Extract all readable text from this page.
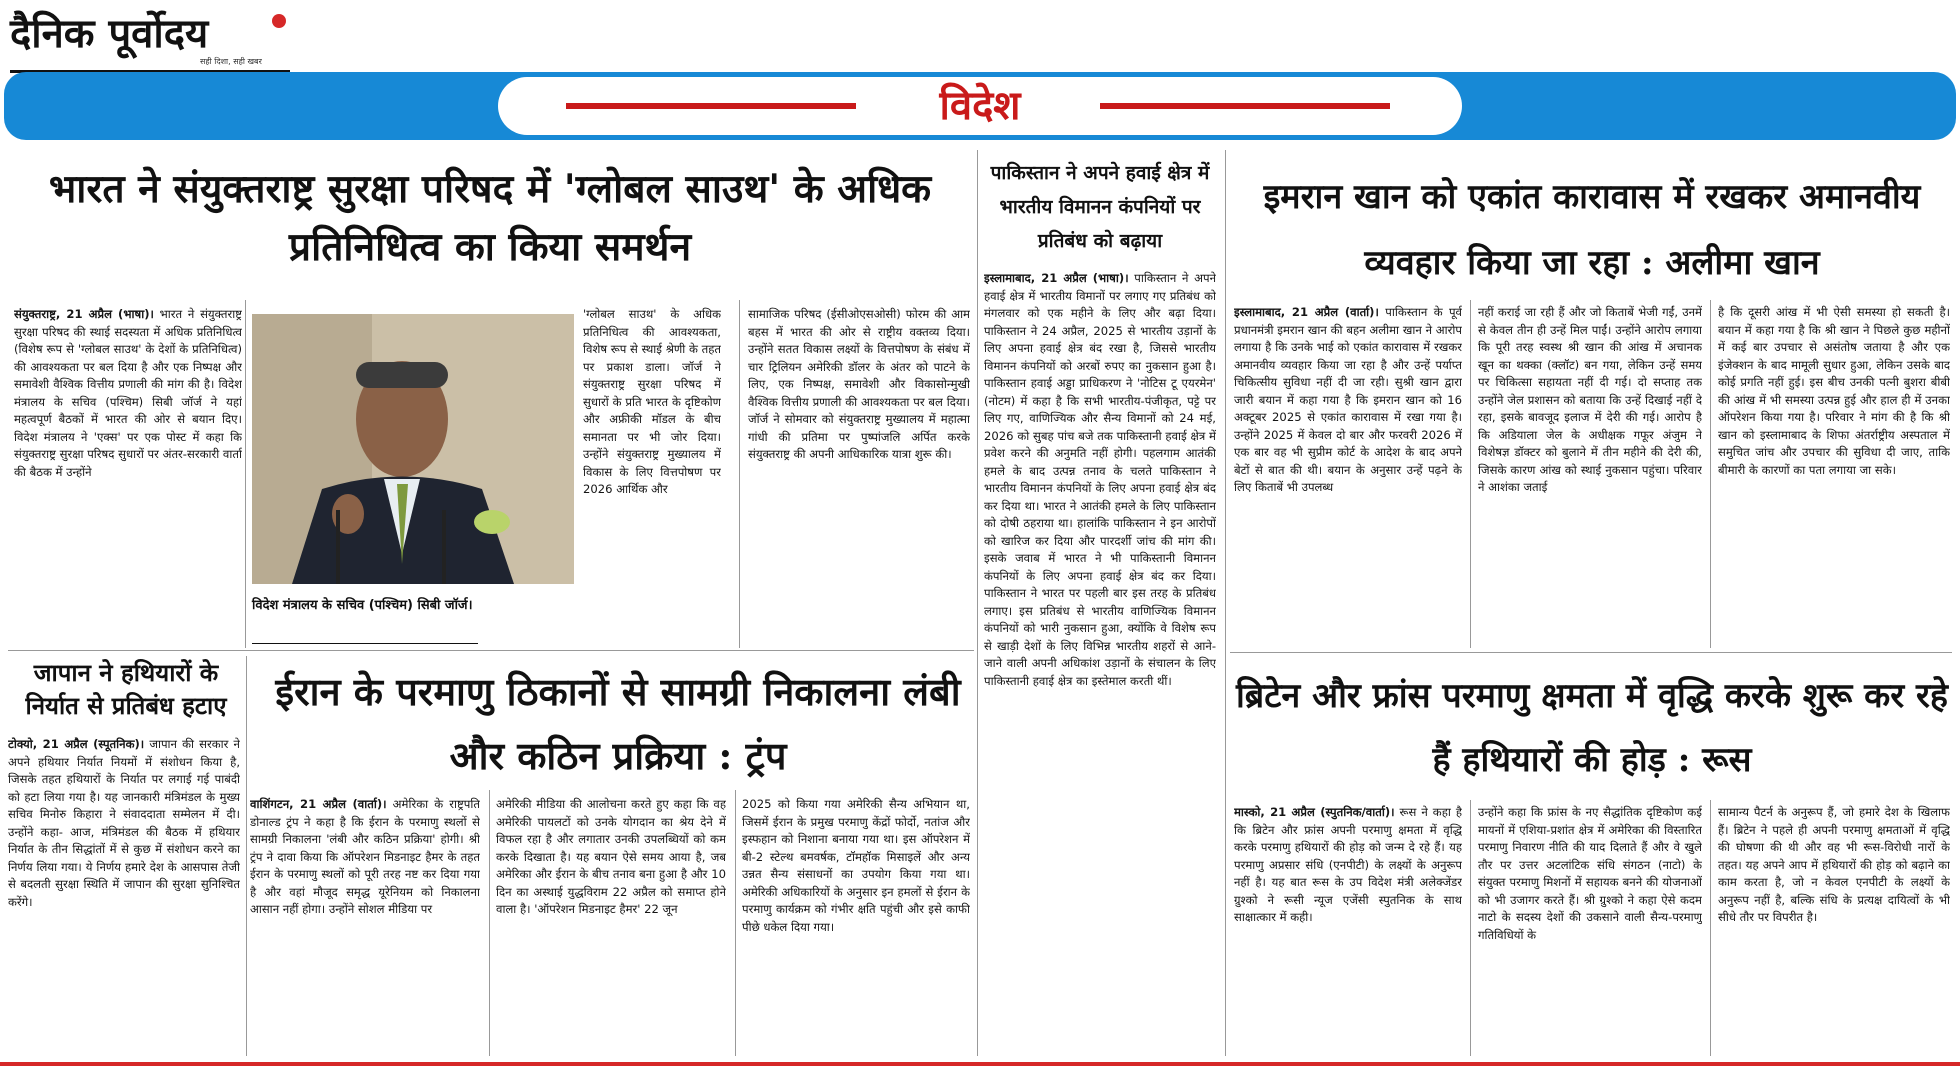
दैनिक पूर्वोदय
सही दिशा, सही खबर
विदेश
भारत ने संयुक्तराष्ट्र सुरक्षा परिषद में 'ग्लोबल साउथ' के अधिक प्रतिनिधित्व का किया समर्थन
संयुक्तराष्ट्र, 21 अप्रैल (भाषा)। भारत ने संयुक्तराष्ट्र सुरक्षा परिषद की स्थाई सदस्यता में अधिक प्रतिनिधित्व (विशेष रूप से 'ग्लोबल साउथ' के देशों के प्रतिनिधित्व) की आवश्यकता पर बल दिया है और एक निष्पक्ष और समावेशी वैश्विक वित्तीय प्रणाली की मांग की है। विदेश मंत्रालय के सचिव (पश्चिम) सिबी जॉर्ज ने यहां महत्वपूर्ण बैठकों में भारत की ओर से बयान दिए। विदेश मंत्रालय ने 'एक्स' पर एक पोस्ट में कहा कि संयुक्तराष्ट्र सुरक्षा परिषद सुधारों पर अंतर-सरकारी वार्ता की बैठक में उन्होंने
विदेश मंत्रालय के सचिव (पश्चिम) सिबी जॉर्ज।
'ग्लोबल साउथ' के अधिक प्रतिनिधित्व की आवश्यकता, विशेष रूप से स्थाई श्रेणी के तहत पर प्रकाश डाला। जॉर्ज ने संयुक्तराष्ट्र सुरक्षा परिषद में सुधारों के प्रति भारत के दृष्टिकोण और अफ्रीकी मॉडल के बीच समानता पर भी जोर दिया। उन्होंने संयुक्तराष्ट्र मुख्यालय में विकास के लिए वित्तपोषण पर 2026 आर्थिक और
सामाजिक परिषद (ईसीओएसओसी) फोरम की आम बहस में भारत की ओर से राष्ट्रीय वक्तव्य दिया। उन्होंने सतत विकास लक्ष्यों के वित्तपोषण के संबंध में चार ट्रिलियन अमेरिकी डॉलर के अंतर को पाटने के लिए, एक निष्पक्ष, समावेशी और विकासोन्मुखी वैश्विक वित्तीय प्रणाली की आवश्यकता पर बल दिया। जॉर्ज ने सोमवार को संयुक्तराष्ट्र मुख्यालय में महात्मा गांधी की प्रतिमा पर पुष्पांजलि अर्पित करके संयुक्तराष्ट्र की अपनी आधिकारिक यात्रा शुरू की।
जापान ने हथियारों के निर्यात से प्रतिबंध हटाए
टोक्यो, 21 अप्रैल (स्पूतनिक)। जापान की सरकार ने अपने हथियार निर्यात नियमों में संशोधन किया है, जिसके तहत हथियारों के निर्यात पर लगाई गई पाबंदी को हटा लिया गया है। यह जानकारी मंत्रिमंडल के मुख्य सचिव मिनोरु किहारा ने संवाददाता सम्मेलन में दी। उन्होंने कहा- आज, मंत्रिमंडल की बैठक में हथियार निर्यात के तीन सिद्धांतों में से कुछ में संशोधन करने का निर्णय लिया गया। ये निर्णय हमारे देश के आसपास तेजी से बदलती सुरक्षा स्थिति में जापान की सुरक्षा सुनिश्चित करेंगे।
ईरान के परमाणु ठिकानों से सामग्री निकालना लंबी और कठिन प्रक्रिया : ट्रंप
वाशिंगटन, 21 अप्रैल (वार्ता)। अमेरिका के राष्ट्रपति डोनाल्ड ट्रंप ने कहा है कि ईरान के परमाणु स्थलों से सामग्री निकालना 'लंबी और कठिन प्रक्रिया' होगी। श्री ट्रंप ने दावा किया कि ऑपरेशन मिडनाइट हैमर के तहत ईरान के परमाणु स्थलों को पूरी तरह नष्ट कर दिया गया है और वहां मौजूद समृद्ध यूरेनियम को निकालना आसान नहीं होगा। उन्होंने सोशल मीडिया पर
अमेरिकी मीडिया की आलोचना करते हुए कहा कि वह अमेरिकी पायलटों को उनके योगदान का श्रेय देने में विफल रहा है और लगातार उनकी उपलब्धियों को कम करके दिखाता है। यह बयान ऐसे समय आया है, जब अमेरिका और ईरान के बीच तनाव बना हुआ है और 10 दिन का अस्थाई युद्धविराम 22 अप्रैल को समाप्त होने वाला है। 'ऑपरेशन मिडनाइट हैमर' 22 जून
2025 को किया गया अमेरिकी सैन्य अभियान था, जिसमें ईरान के प्रमुख परमाणु केंद्रों फोर्दो, नतांज और इस्फहान को निशाना बनाया गया था। इस ऑपरेशन में बी-2 स्टेल्थ बमवर्षक, टॉमहॉक मिसाइलें और अन्य उन्नत सैन्य संसाधनों का उपयोग किया गया था। अमेरिकी अधिकारियों के अनुसार इन हमलों से ईरान के परमाणु कार्यक्रम को गंभीर क्षति पहुंची और इसे काफी पीछे धकेल दिया गया।
पाकिस्तान ने अपने हवाई क्षेत्र में भारतीय विमानन कंपनियों पर प्रतिबंध को बढ़ाया
इस्लामाबाद, 21 अप्रैल (भाषा)। पाकिस्तान ने अपने हवाई क्षेत्र में भारतीय विमानों पर लगाए गए प्रतिबंध को मंगलवार को एक महीने के लिए और बढ़ा दिया। पाकिस्तान ने 24 अप्रैल, 2025 से भारतीय उड़ानों के लिए अपना हवाई क्षेत्र बंद रखा है, जिससे भारतीय विमानन कंपनियों को अरबों रुपए का नुकसान हुआ है। पाकिस्तान हवाई अड्डा प्राधिकरण ने 'नोटिस टू एयरमेन' (नोटम) में कहा है कि सभी भारतीय-पंजीकृत, पट्टे पर लिए गए, वाणिज्यिक और सैन्य विमानों को 24 मई, 2026 को सुबह पांच बजे तक पाकिस्तानी हवाई क्षेत्र में प्रवेश करने की अनुमति नहीं होगी। पहलगाम आतंकी हमले के बाद उत्पन्न तनाव के चलते पाकिस्तान ने भारतीय विमानन कंपनियों के लिए अपना हवाई क्षेत्र बंद कर दिया था। भारत ने आतंकी हमले के लिए पाकिस्तान को दोषी ठहराया था। हालांकि पाकिस्तान ने इन आरोपों को खारिज कर दिया और पारदर्शी जांच की मांग की। इसके जवाब में भारत ने भी पाकिस्तानी विमानन कंपनियों के लिए अपना हवाई क्षेत्र बंद कर दिया। पाकिस्तान ने भारत पर पहली बार इस तरह के प्रतिबंध लगाए। इस प्रतिबंध से भारतीय वाणिज्यिक विमानन कंपनियों को भारी नुकसान हुआ, क्योंकि वे विशेष रूप से खाड़ी देशों के लिए विभिन्न भारतीय शहरों से आने-जाने वाली अपनी अधिकांश उड़ानों के संचालन के लिए पाकिस्तानी हवाई क्षेत्र का इस्तेमाल करती थीं।
इमरान खान को एकांत कारावास में रखकर अमानवीय व्यवहार किया जा रहा : अलीमा खान
इस्लामाबाद, 21 अप्रैल (वार्ता)। पाकिस्तान के पूर्व प्रधानमंत्री इमरान खान की बहन अलीमा खान ने आरोप लगाया है कि उनके भाई को एकांत कारावास में रखकर अमानवीय व्यवहार किया जा रहा है और उन्हें पर्याप्त चिकित्सीय सुविधा नहीं दी जा रही। सुश्री खान द्वारा जारी बयान में कहा गया है कि इमरान खान को 16 अक्टूबर 2025 से एकांत कारावास में रखा गया है। उन्होंने 2025 में केवल दो बार और फरवरी 2026 में एक बार वह भी सुप्रीम कोर्ट के आदेश के बाद अपने बेटों से बात की थी। बयान के अनुसार उन्हें पढ़ने के लिए किताबें भी उपलब्ध
नहीं कराई जा रही हैं और जो किताबें भेजी गईं, उनमें से केवल तीन ही उन्हें मिल पाईं। उन्होंने आरोप लगाया कि पूरी तरह स्वस्थ श्री खान की आंख में अचानक खून का थक्का (क्लॉट) बन गया, लेकिन उन्हें समय पर चिकित्सा सहायता नहीं दी गई। दो सप्ताह तक उन्होंने जेल प्रशासन को बताया कि उन्हें दिखाई नहीं दे रहा, इसके बावजूद इलाज में देरी की गई। आरोप है कि अडियाला जेल के अधीक्षक गफूर अंजुम ने विशेषज्ञ डॉक्टर को बुलाने में तीन महीने की देरी की, जिसके कारण आंख को स्थाई नुकसान पहुंचा। परिवार ने आशंका जताई
है कि दूसरी आंख में भी ऐसी समस्या हो सकती है। बयान में कहा गया है कि श्री खान ने पिछले कुछ महीनों में कई बार उपचार से असंतोष जताया है और एक इंजेक्शन के बाद मामूली सुधार हुआ, लेकिन उसके बाद कोई प्रगति नहीं हुई। इस बीच उनकी पत्नी बुशरा बीबी की आंख में भी समस्या उत्पन्न हुई और हाल ही में उनका ऑपरेशन किया गया है। परिवार ने मांग की है कि श्री खान को इस्लामाबाद के शिफा अंतर्राष्ट्रीय अस्पताल में समुचित जांच और उपचार की सुविधा दी जाए, ताकि बीमारी के कारणों का पता लगाया जा सके।
ब्रिटेन और फ्रांस परमाणु क्षमता में वृद्धि करके शुरू कर रहे हैं हथियारों की होड़ : रूस
मास्को, 21 अप्रैल (स्पुतनिक/वार्ता)। रूस ने कहा है कि ब्रिटेन और फ्रांस अपनी परमाणु क्षमता में वृद्धि करके परमाणु हथियारों की होड़ को जन्म दे रहे हैं। यह परमाणु अप्रसार संधि (एनपीटी) के लक्ष्यों के अनुरूप नहीं है। यह बात रूस के उप विदेश मंत्री अलेक्जेंडर ग्रुश्को ने रूसी न्यूज एजेंसी स्पुतनिक के साथ साक्षात्कार में कही।
उन्होंने कहा कि फ्रांस के नए सैद्धांतिक दृष्टिकोण कई मायनों में एशिया-प्रशांत क्षेत्र में अमेरिका की विस्तारित परमाणु निवारण नीति की याद दिलाते हैं और वे खुले तौर पर उत्तर अटलांटिक संधि संगठन (नाटो) के संयुक्त परमाणु मिशनों में सहायक बनने की योजनाओं को भी उजागर करते हैं। श्री ग्रुश्को ने कहा ऐसे कदम नाटो के सदस्य देशों की उकसाने वाली सैन्य-परमाणु गतिविधियों के
सामान्य पैटर्न के अनुरूप हैं, जो हमारे देश के खिलाफ हैं। ब्रिटेन ने पहले ही अपनी परमाणु क्षमताओं में वृद्धि की घोषणा की थी और वह भी रूस-विरोधी नारों के तहत। यह अपने आप में हथियारों की होड़ को बढ़ाने का काम करता है, जो न केवल एनपीटी के लक्ष्यों के अनुरूप नहीं है, बल्कि संधि के प्रत्यक्ष दायित्वों के भी सीधे तौर पर विपरीत है।
